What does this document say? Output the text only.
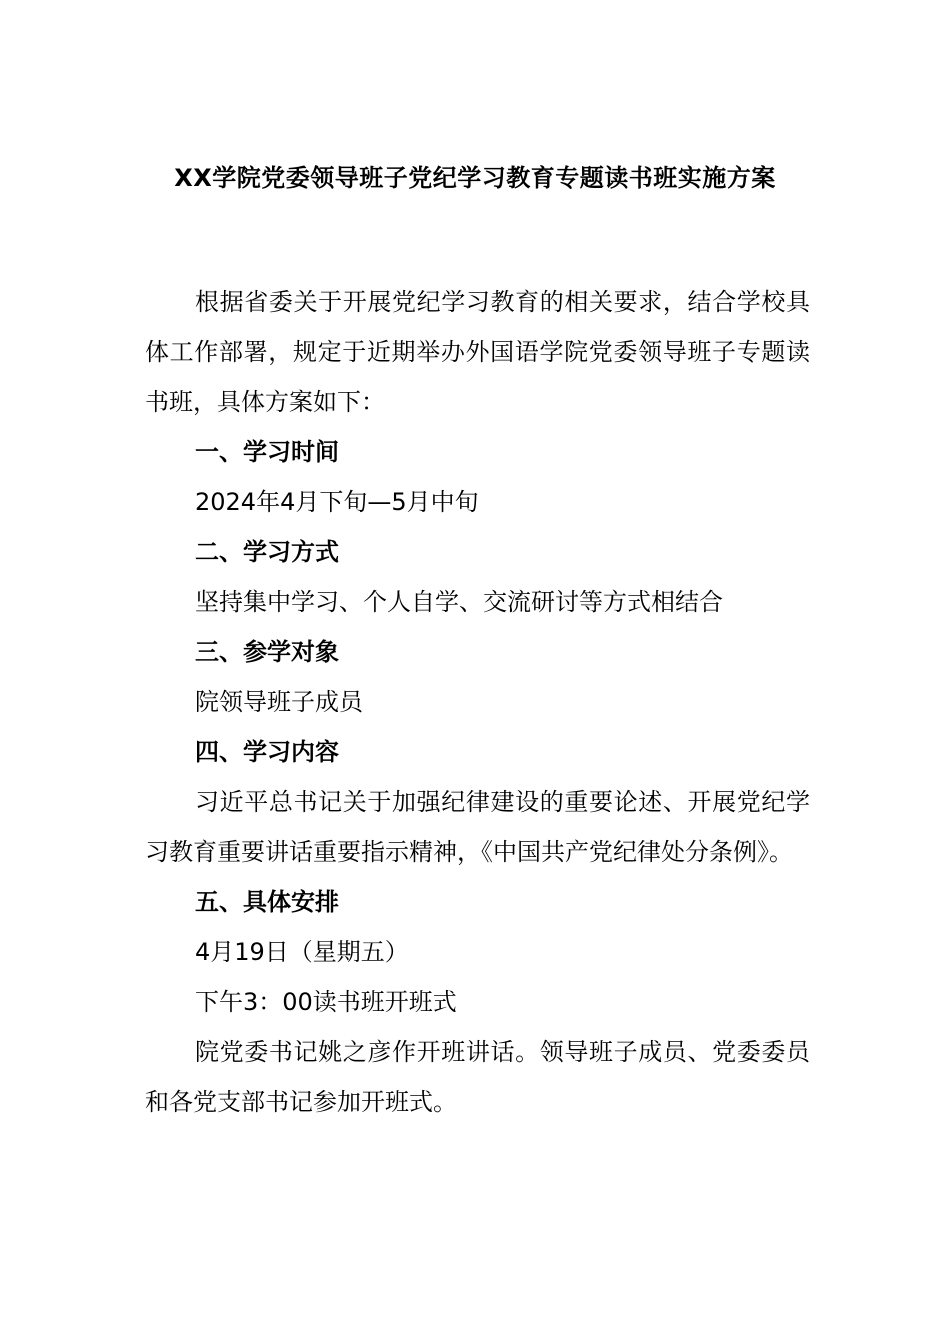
XX学院党委领导班子党纪学习教育专题读书班实施方案

根据省委关于开展党纪学习教育的相关要求，结合学校具体工作部署，规定于近期举办外国语学院党委领导班子专题读书班，具体方案如下：

一、学习时间

2024年4月下旬—5月中旬

二、学习方式

坚持集中学习、个人自学、交流研讨等方式相结合

三、参学对象

院领导班子成员

四、学习内容

习近平总书记关于加强纪律建设的重要论述、开展党纪学习教育重要讲话重要指示精神，《中国共产党纪律处分条例》。

五、具体安排

4月19日（星期五）

下午3：00读书班开班式

院党委书记姚之彦作开班讲话。领导班子成员、党委委员和各党支部书记参加开班式。
